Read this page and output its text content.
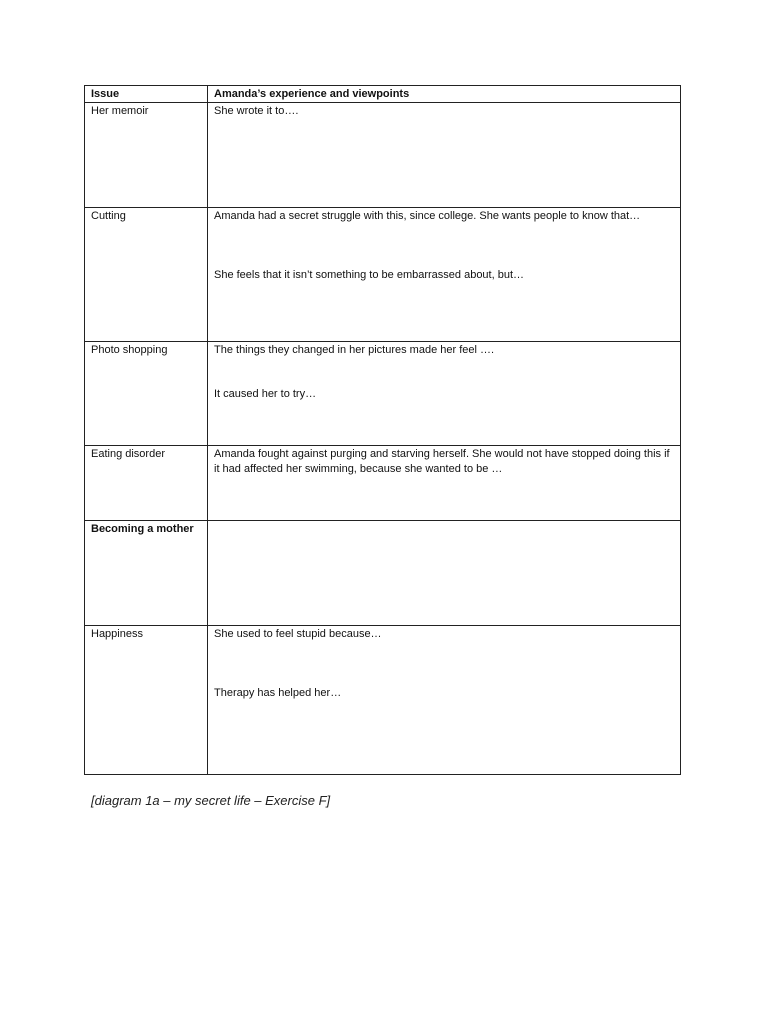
Issue	Amanda’s experience and viewpoints
Her memoir	She wrote it to….

Cutting	Amanda had a secret struggle with this, since college. She wants people to know that…
She feels that it isn’t something to be embarrassed about, but…

Photo shopping	The things they changed in her pictures made her feel ….
It caused her to try…

Eating disorder	Amanda fought against purging and starving herself. She would not have stopped doing this if it had affected her swimming, because she wanted to be …

Becoming a mother	
Happiness	She used to feel stupid because…
Therapy has helped her…
[diagram 1a – my secret life – Exercise F]
